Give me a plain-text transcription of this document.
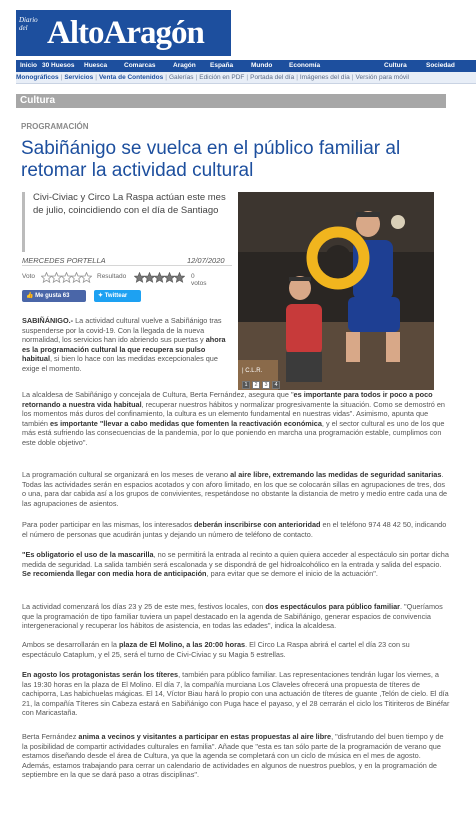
Diario del AltoAragón
Inicio 30 Huesos Huesca	Comarcas	Aragón España	Mundo	Economía	Cultura	Sociedad
Monográficos | Servicios | Venta de Contenidos | Galerías | Edición en PDF | Portada del día | Imágenes del día | Versión para móvil
Cultura
PROGRAMACIÓN
Sabiñánigo se vuelca en el público familiar al retomar la actividad cultural

Civi-Civiac y Circo La Raspa actúan este mes de julio, coincidiendo con el día de Santiago

MERCEDES PORTELLA	12/07/2020
Voto	Resultado	0 votos
👍 Me gusta 63	✦ Twittear
| C.L.R.
1	2	3	4

SABIÑÁNIGO.- La actividad cultural vuelve a Sabiñánigo tras suspenderse por la covid-19. Con la llegada de la nueva normalidad, los servicios han ido abriendo sus puertas y ahora es la programación cultural la que recupera su pulso habitual, si bien lo hace con las medidas excepcionales que exige el momento.

La alcaldesa de Sabiñánigo y concejala de Cultura, Berta Fernández, asegura que "es importante para todos ir poco a poco retornando a nuestra vida habitual, recuperar nuestros hábitos y normalizar progresivamente la situación. Como se demostró en los momentos más duros del confinamiento, la cultura es un elemento fundamental en nuestras vidas". Asimismo, apunta que también es importante "llevar a cabo medidas que fomenten la reactivación económica, y el sector cultural es uno de los que más está sufriendo las consecuencias de la pandemia, por lo que poniendo en marcha una programación estable, cumplimos con este doble objetivo".

La programación cultural se organizará en los meses de verano al aire libre, extremando las medidas de seguridad sanitarias. Todas las actividades serán en espacios acotados y con aforo limitado, en los que se colocarán sillas en agrupaciones de tres, dos o una, para dar cabida así a los grupos de convivientes, respetándose no obstante la distancia de metro y medio entre cada una de las agrupaciones de asientos.

Para poder participar en las mismas, los interesados deberán inscribirse con anterioridad en el teléfono 974 48 42 50, indicando el número de personas que acudirán juntas y dejando un número de teléfono de contacto.

"Es obligatorio el uso de la mascarilla, no se permitirá la entrada al recinto a quien quiera acceder al espectáculo sin portar dicha medida de seguridad. La salida también será escalonada y se dispondrá de gel hidroalcohólico en la entrada y salida del espacio. Se recomienda llegar con media hora de anticipación, para evitar que se demore el inicio de la actuación".

La actividad comenzará los días 23 y 25 de este mes, festivos locales, con dos espectáculos para público familiar. "Queríamos que la programación de tipo familiar tuviera un papel destacado en la agenda de Sabiñánigo, generar espacios de convivencia intergeneracional y recuperar los hábitos de asistencia, en todas las edades", indica la alcaldesa.

Ambos se desarrollarán en la plaza de El Molino, a las 20:00 horas. El Circo La Raspa abrirá el cartel el día 23 con su espectáculo Cataplum, y el 25, será el turno de Civi-Civiac y su Magia 5 estrellas.

En agosto los protagonistas serán los títeres, también para público familiar. Las representaciones tendrán lugar los viernes, a las 19:30 horas en la plaza de El Molino. El día 7, la compañía murciana Los Claveles ofrecerá una propuesta de títeres de cachiporra, Las habichuelas mágicas. El 14, Víctor Biau hará lo propio con una actuación de títeres de guante ,Telón de cielo. El día 21, la compañía Títeres sin Cabeza estará en Sabiñánigo con Puga hace el payaso, y el 28 cerrarán el ciclo los Titiriteros de Binéfar con Maricastaña.

Berta Fernández anima a vecinos y visitantes a participar en estas propuestas al aire libre, "disfrutando del buen tiempo y de la posibilidad de compartir actividades culturales en familia". Añade que "esta es tan sólo parte de la programación de verano que estamos diseñando desde el área de Cultura, ya que la agenda se completará con un ciclo de música en el mes de agosto. Además, estamos trabajando para cerrar un calendario de actividades en algunos de nuestros pueblos, y en la programación de septiembre en la que se dará paso a otras disciplinas".
